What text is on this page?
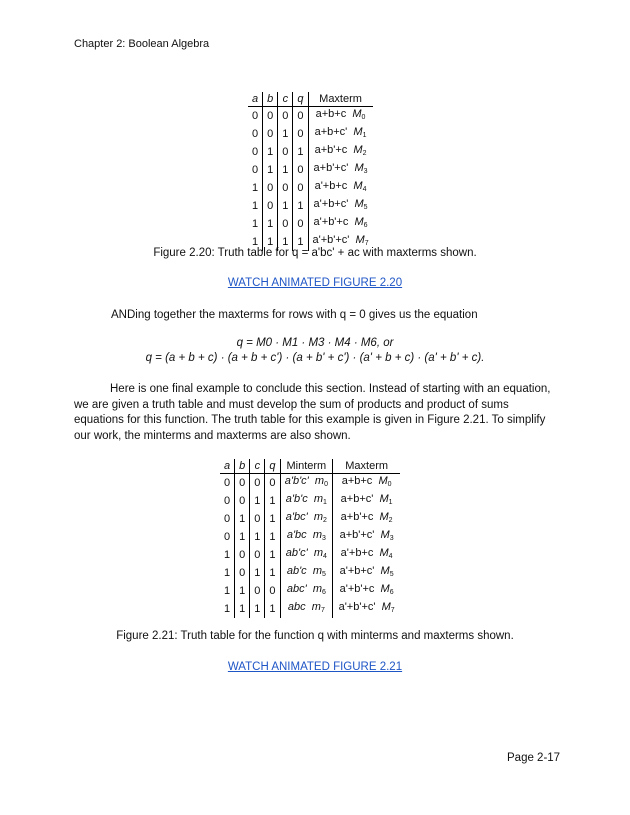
Chapter 2: Boolean Algebra
a	b	c	q	Maxterm
0	0	0	0	a+b+c $M_0$
0	0	1	0	a+b+c' $M_1$
0	1	0	1	a+b'+c $M_2$
0	1	1	0	a+b'+c' $M_3$
1	0	0	0	a'+b+c $M_4$
1	0	1	1	a'+b+c' $M_5$
1	1	0	0	a'+b'+c $M_6$
1	1	1	1	a'+b'+c' $M_7$
Figure 2.20: Truth table for q = a'bc' + ac with maxterms shown.
WATCH ANIMATED FIGURE 2.20
ANDing together the maxterms for rows with q = 0 gives us the equation
q = M0 · M1 · M3 · M4 · M6, or
q = (a + b + c) · (a + b + c') · (a + b' + c') · (a' + b + c) · (a' + b' + c).
Here is one final example to conclude this section. Instead of starting with an equation, we are given a truth table and must develop the sum of products and product of sums equations for this function. The truth table for this example is given in Figure 2.21. To simplify our work, the minterms and maxterms are also shown.
a	b	c	q	Minterm	Maxterm
0	0	0	0	a'b'c' $m_0$	a+b+c $M_0$
0	0	1	1	a'b'c $m_1$	a+b+c' $M_1$
0	1	0	1	a'bc' $m_2$	a+b'+c $M_2$
0	1	1	1	a'bc $m_3$	a+b'+c' $M_3$
1	0	0	1	ab'c' $m_4$	a'+b+c $M_4$
1	0	1	1	ab'c $m_5$	a'+b+c' $M_5$
1	1	0	0	abc' $m_6$	a'+b'+c $M_6$
1	1	1	1	abc $m_7$	a'+b'+c' $M_7$
Figure 2.21: Truth table for the function q with minterms and maxterms shown.
WATCH ANIMATED FIGURE 2.21
Page 2-17
